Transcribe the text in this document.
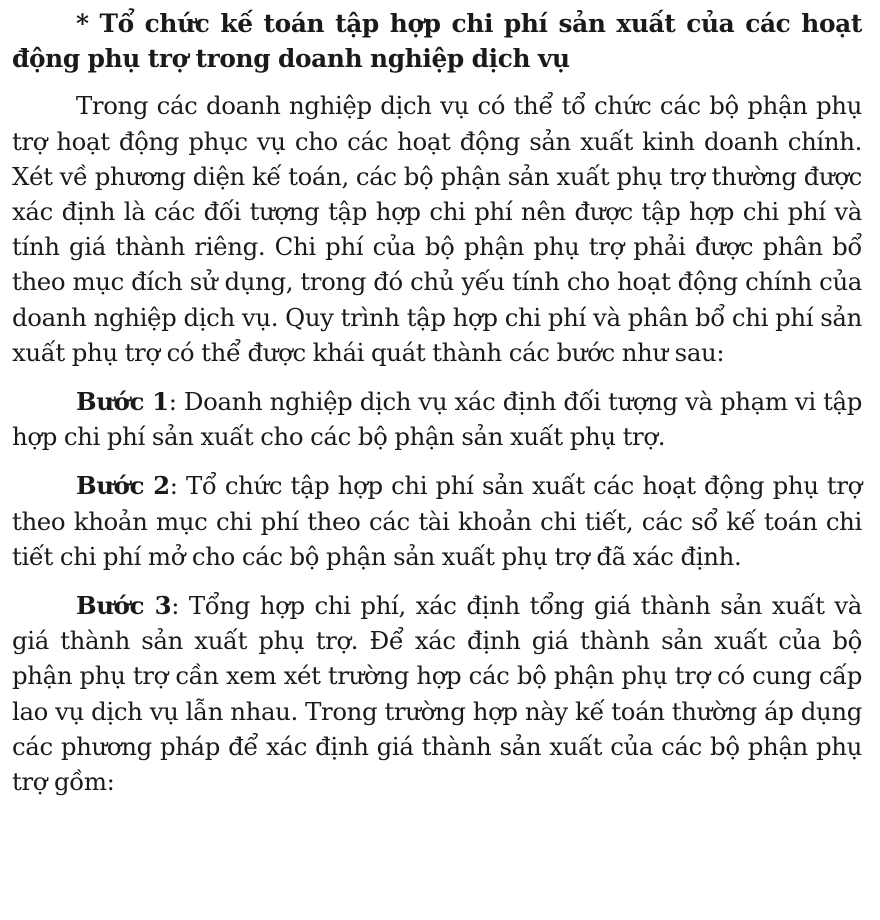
* Tổ chức kế toán tập hợp chi phí sản xuất của các hoạt động phụ trợ trong doanh nghiệp dịch vụ

Trong các doanh nghiệp dịch vụ có thể tổ chức các bộ phận phụ trợ hoạt động phục vụ cho các hoạt động sản xuất kinh doanh chính. Xét về phương diện kế toán, các bộ phận sản xuất phụ trợ thường được xác định là các đối tượng tập hợp chi phí nên được tập hợp chi phí và tính giá thành riêng. Chi phí của bộ phận phụ trợ phải được phân bổ theo mục đích sử dụng, trong đó chủ yếu tính cho hoạt động chính của doanh nghiệp dịch vụ. Quy trình tập hợp chi phí và phân bổ chi phí sản xuất phụ trợ có thể được khái quát thành các bước như sau:

Bước 1: Doanh nghiệp dịch vụ xác định đối tượng và phạm vi tập hợp chi phí sản xuất cho các bộ phận sản xuất phụ trợ.

Bước 2: Tổ chức tập hợp chi phí sản xuất các hoạt động phụ trợ theo khoản mục chi phí theo các tài khoản chi tiết, các sổ kế toán chi tiết chi phí mở cho các bộ phận sản xuất phụ trợ đã xác định.

Bước 3: Tổng hợp chi phí, xác định tổng giá thành sản xuất và giá thành sản xuất phụ trợ. Để xác định giá thành sản xuất của bộ phận phụ trợ cần xem xét trường hợp các bộ phận phụ trợ có cung cấp lao vụ dịch vụ lẫn nhau. Trong trường hợp này kế toán thường áp dụng các phương pháp để xác định giá thành sản xuất của các bộ phận phụ trợ gồm:
